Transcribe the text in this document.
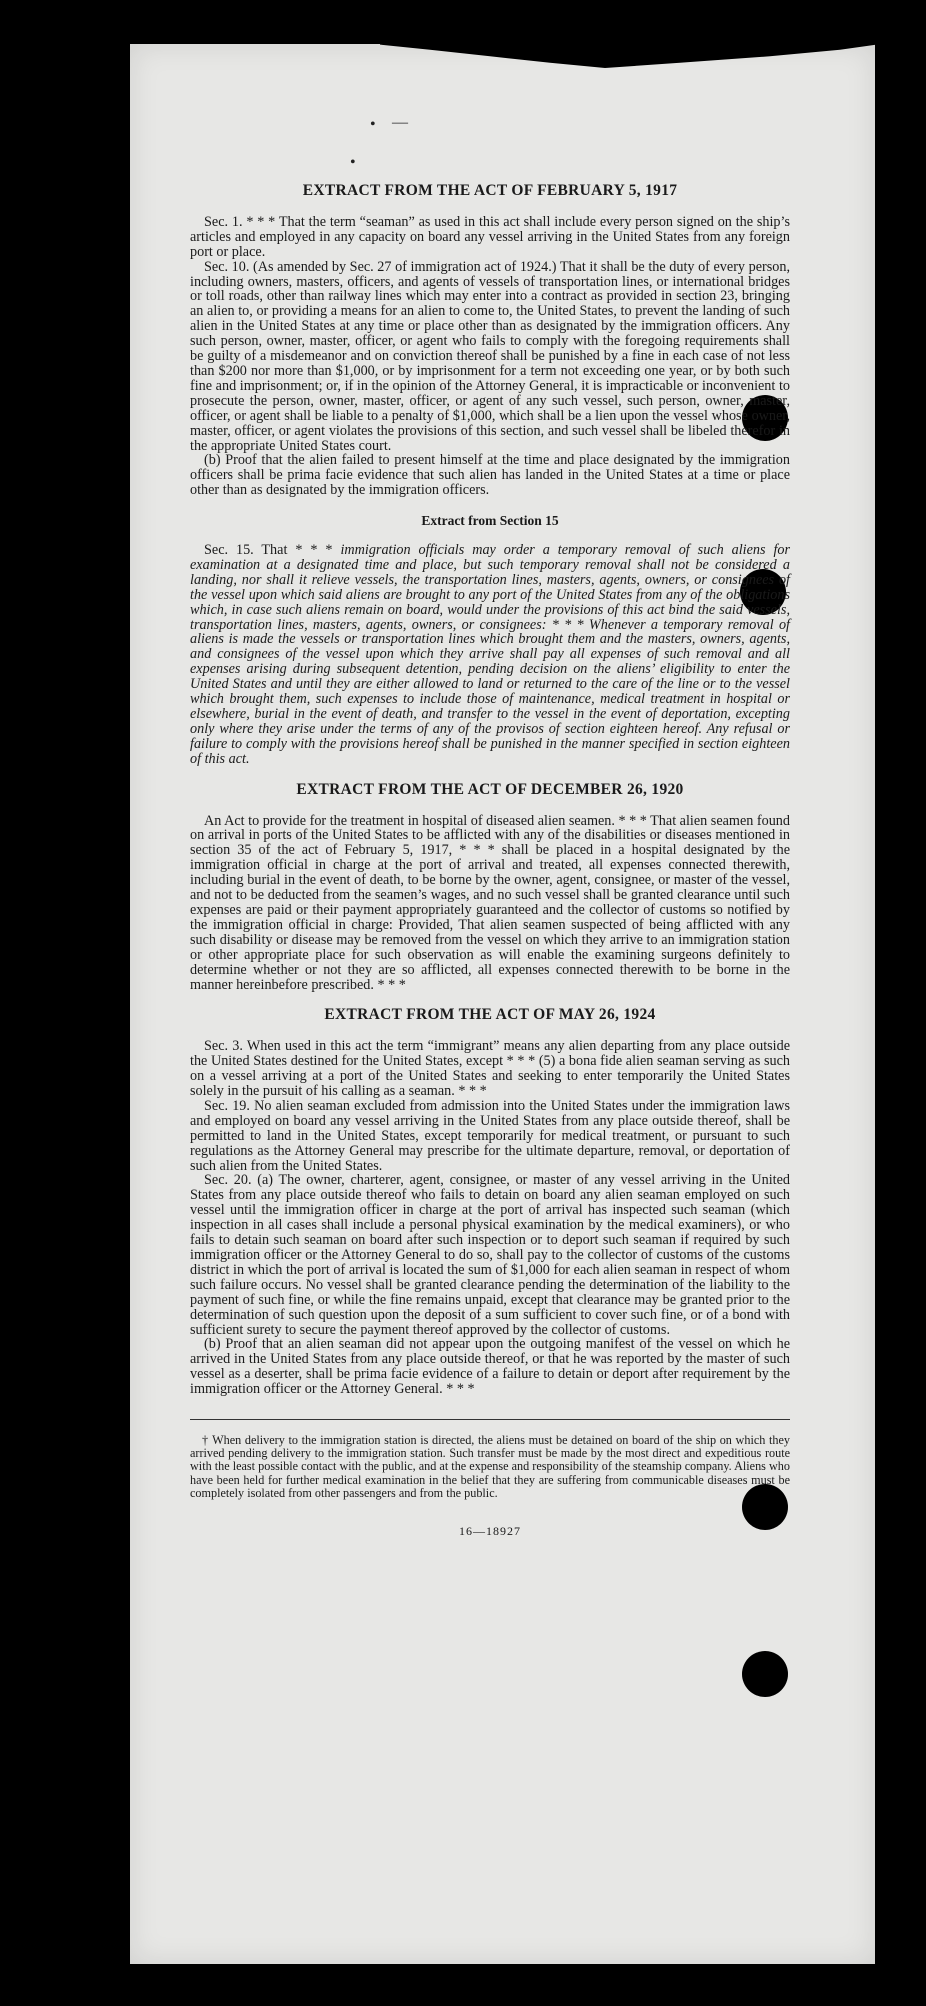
• —
•
EXTRACT FROM THE ACT OF FEBRUARY 5, 1917

Sec. 1. * * * That the term “seaman” as used in this act shall include every person signed on the ship’s articles and employed in any capacity on board any vessel arriving in the United States from any foreign port or place.

Sec. 10. (As amended by Sec. 27 of immigration act of 1924.) That it shall be the duty of every person, including owners, masters, officers, and agents of vessels of transportation lines, or international bridges or toll roads, other than railway lines which may enter into a contract as provided in section 23, bringing an alien to, or providing a means for an alien to come to, the United States, to prevent the landing of such alien in the United States at any time or place other than as designated by the immigration officers. Any such person, owner, master, officer, or agent who fails to comply with the foregoing requirements shall be guilty of a misdemeanor and on conviction thereof shall be punished by a fine in each case of not less than $200 nor more than $1,000, or by imprisonment for a term not exceeding one year, or by both such fine and imprisonment; or, if in the opinion of the Attorney General, it is impracticable or inconvenient to prosecute the person, owner, master, officer, or agent of any such vessel, such person, owner, master, officer, or agent shall be liable to a penalty of $1,000, which shall be a lien upon the vessel whose owner, master, officer, or agent violates the provisions of this section, and such vessel shall be libeled therefor in the appropriate United States court.

(b) Proof that the alien failed to present himself at the time and place designated by the immigration officers shall be prima facie evidence that such alien has landed in the United States at a time or place other than as designated by the immigration officers.

Extract from Section 15

Sec. 15. That * * * immigration officials may order a temporary removal of such aliens for examination at a designated time and place, but such temporary removal shall not be considered a landing, nor shall it relieve vessels, the transportation lines, masters, agents, owners, or consignees of the vessel upon which said aliens are brought to any port of the United States from any of the obligations which, in case such aliens remain on board, would under the provisions of this act bind the said vessels, transportation lines, masters, agents, owners, or consignees: * * * Whenever a temporary removal of aliens is made the vessels or transportation lines which brought them and the masters, owners, agents, and consignees of the vessel upon which they arrive shall pay all expenses of such removal and all expenses arising during subsequent detention, pending decision on the aliens’ eligibility to enter the United States and until they are either allowed to land or returned to the care of the line or to the vessel which brought them, such expenses to include those of maintenance, medical treatment in hospital or elsewhere, burial in the event of death, and transfer to the vessel in the event of deportation, excepting only where they arise under the terms of any of the provisos of section eighteen hereof. Any refusal or failure to comply with the provisions hereof shall be punished in the manner specified in section eighteen of this act.

EXTRACT FROM THE ACT OF DECEMBER 26, 1920

An Act to provide for the treatment in hospital of diseased alien seamen. * * * That alien seamen found on arrival in ports of the United States to be afflicted with any of the disabilities or diseases mentioned in section 35 of the act of February 5, 1917, * * * shall be placed in a hospital designated by the immigration official in charge at the port of arrival and treated, all expenses connected therewith, including burial in the event of death, to be borne by the owner, agent, consignee, or master of the vessel, and not to be deducted from the seamen’s wages, and no such vessel shall be granted clearance until such expenses are paid or their payment appropriately guaranteed and the collector of customs so notified by the immigration official in charge: Provided, That alien seamen suspected of being afflicted with any such disability or disease may be removed from the vessel on which they arrive to an immigration station or other appropriate place for such observation as will enable the examining surgeons definitely to determine whether or not they are so afflicted, all expenses connected therewith to be borne in the manner hereinbefore prescribed. * * *

EXTRACT FROM THE ACT OF MAY 26, 1924

Sec. 3. When used in this act the term “immigrant” means any alien departing from any place outside the United States destined for the United States, except * * * (5) a bona fide alien seaman serving as such on a vessel arriving at a port of the United States and seeking to enter temporarily the United States solely in the pursuit of his calling as a seaman. * * *

Sec. 19. No alien seaman excluded from admission into the United States under the immigration laws and employed on board any vessel arriving in the United States from any place outside thereof, shall be permitted to land in the United States, except temporarily for medical treatment, or pursuant to such regulations as the Attorney General may prescribe for the ultimate departure, removal, or deportation of such alien from the United States.

Sec. 20. (a) The owner, charterer, agent, consignee, or master of any vessel arriving in the United States from any place outside thereof who fails to detain on board any alien seaman employed on such vessel until the immigration officer in charge at the port of arrival has inspected such seaman (which inspection in all cases shall include a personal physical examination by the medical examiners), or who fails to detain such seaman on board after such inspection or to deport such seaman if required by such immigration officer or the Attorney General to do so, shall pay to the collector of customs of the customs district in which the port of arrival is located the sum of $1,000 for each alien seaman in respect of whom such failure occurs. No vessel shall be granted clearance pending the determination of the liability to the payment of such fine, or while the fine remains unpaid, except that clearance may be granted prior to the determination of such question upon the deposit of a sum sufficient to cover such fine, or of a bond with sufficient surety to secure the payment thereof approved by the collector of customs.

(b) Proof that an alien seaman did not appear upon the outgoing manifest of the vessel on which he arrived in the United States from any place outside thereof, or that he was reported by the master of such vessel as a deserter, shall be prima facie evidence of a failure to detain or deport after requirement by the immigration officer or the Attorney General. * * *

† When delivery to the immigration station is directed, the aliens must be detained on board of the ship on which they arrived pending delivery to the immigration station. Such transfer must be made by the most direct and expeditious route with the least possible contact with the public, and at the expense and responsibility of the steamship company. Aliens who have been held for further medical examination in the belief that they are suffering from communicable diseases must be completely isolated from other passengers and from the public.

16—18927
